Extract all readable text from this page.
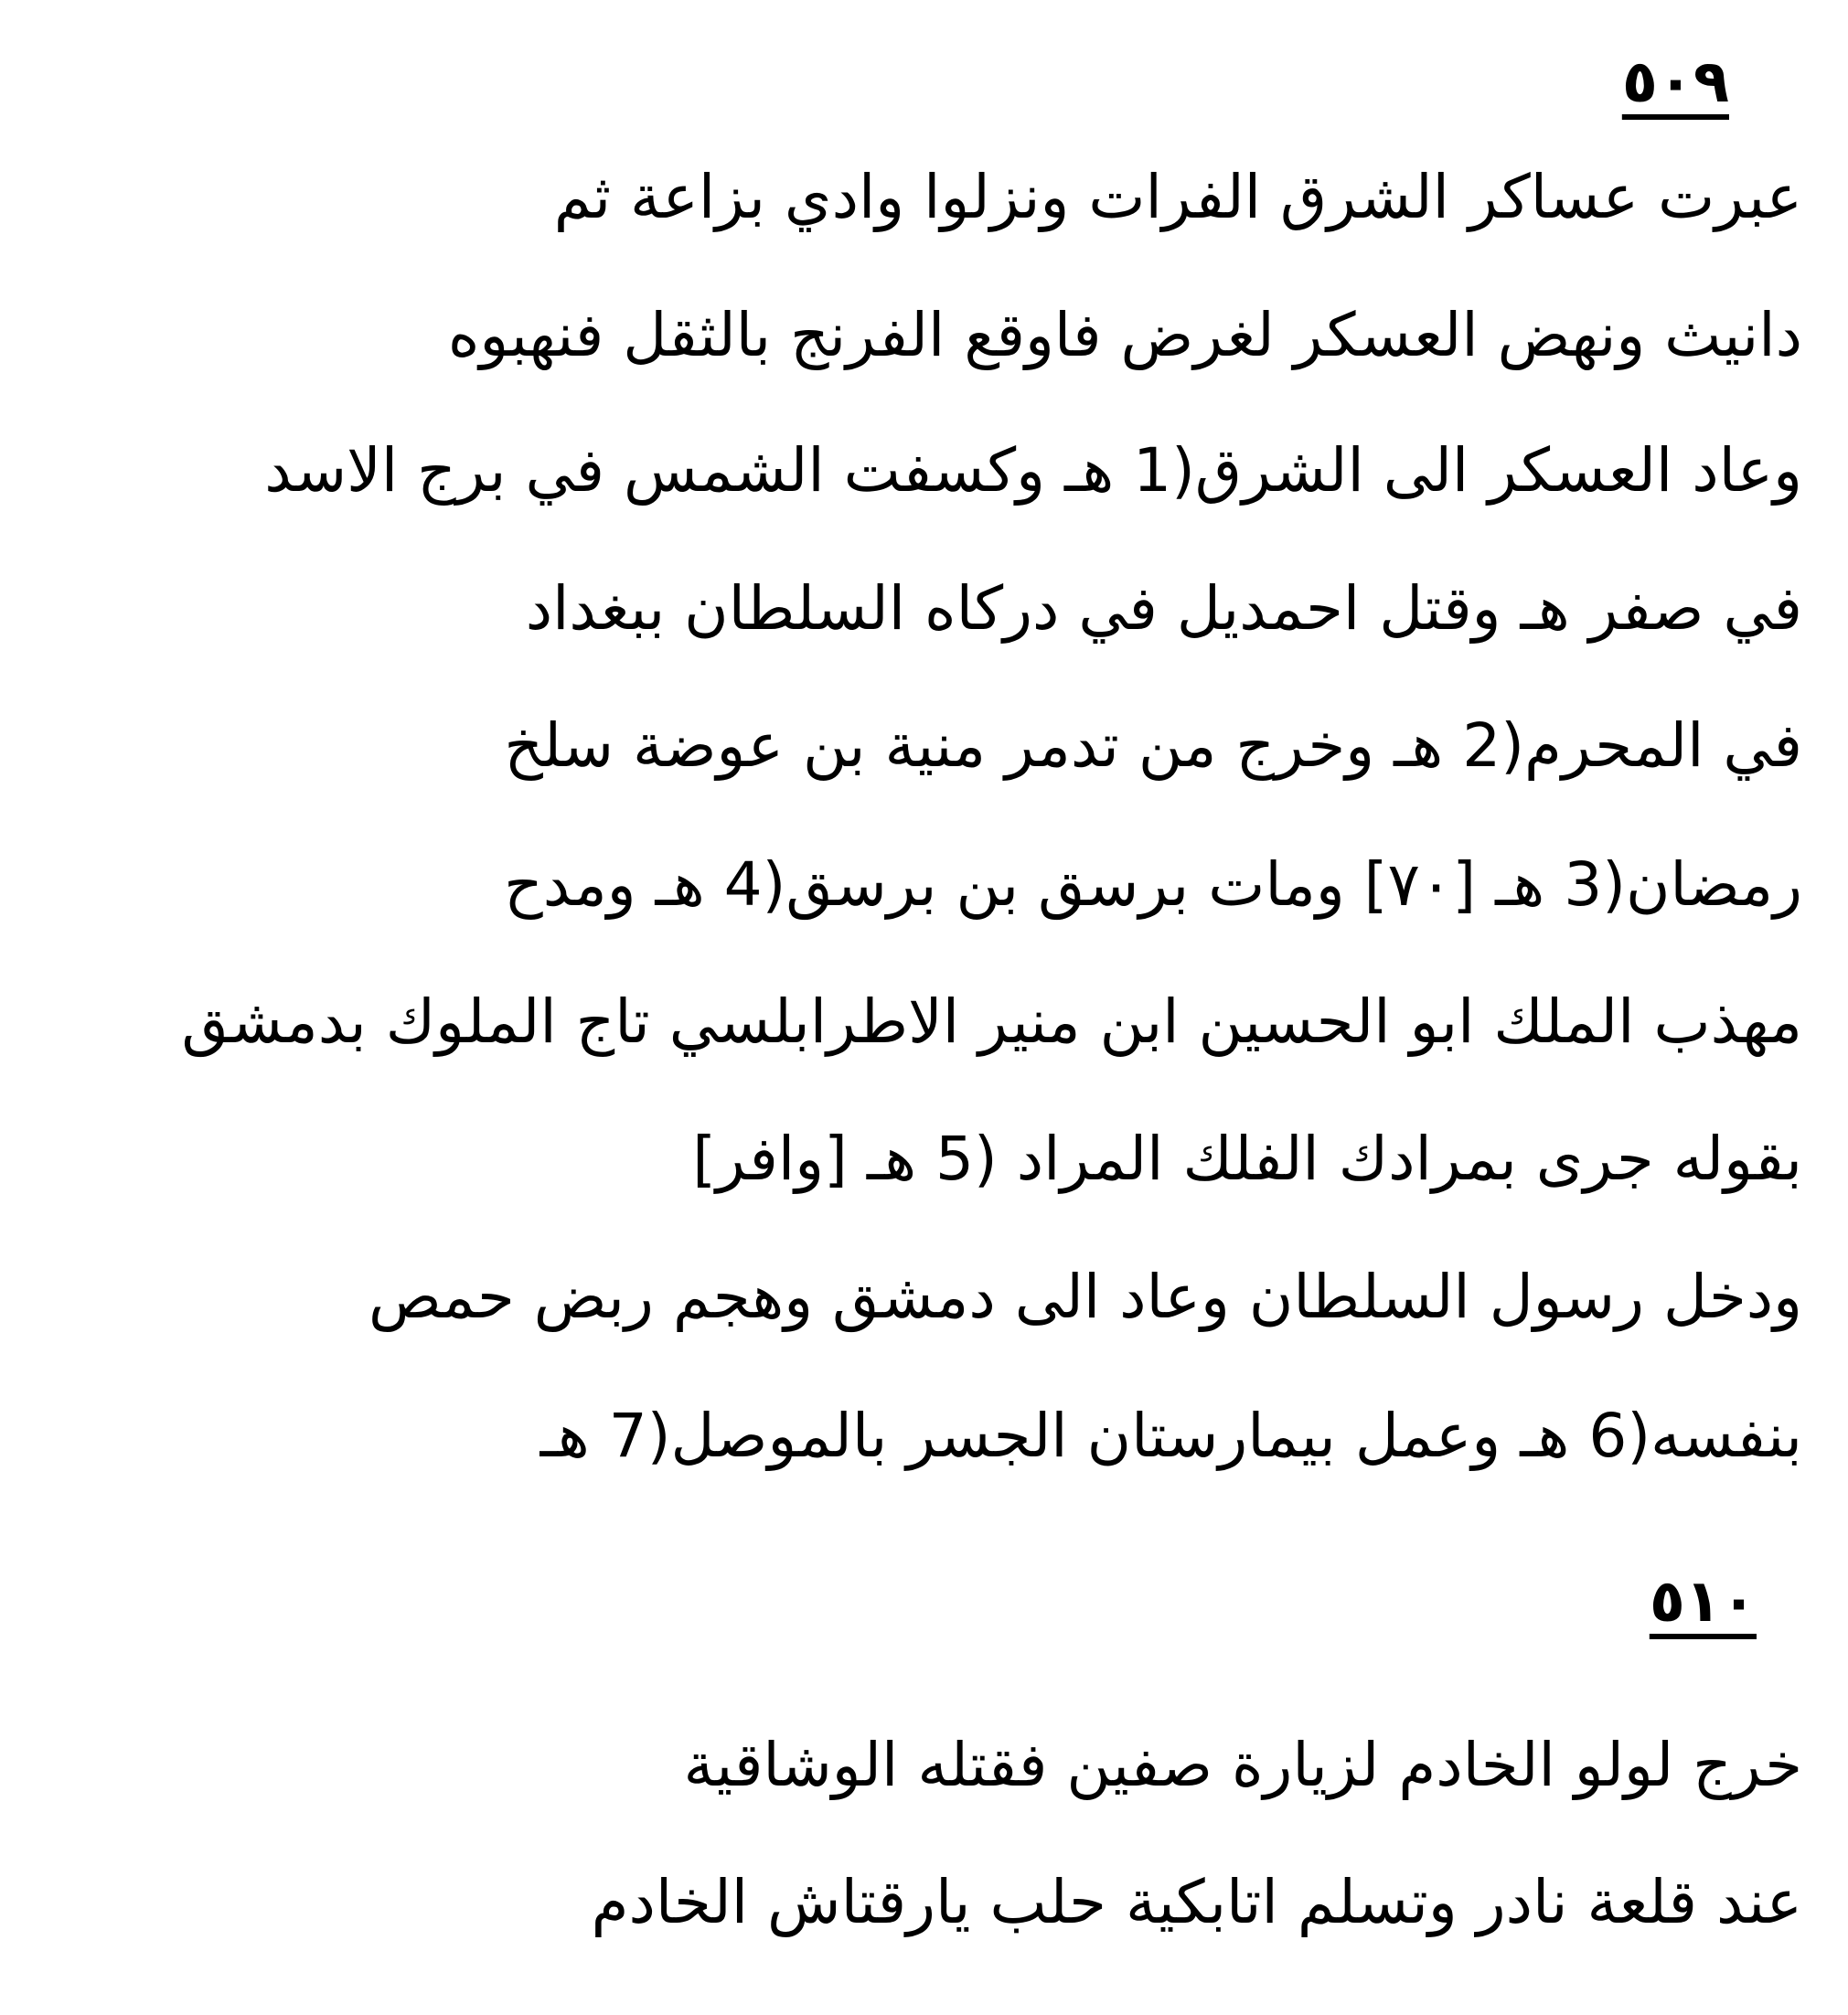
٥٠٩
عبرت عساكر الشرق الفرات ونزلوا وادي بزاعة ثم
دانيث ونهض العسكر لغرض فاوقع الفرنج بالثقل فنهبوه
وعاد العسكر الى الشرق(1 هـ وكسفت الشمس في برج الاسد
في صفر هـ وقتل احمديل في دركاه السلطان ببغداد
في المحرم(2 هـ وخرج من تدمر منية بن عوضة سلخ
رمضان(3 هـ [٧٠] ومات برسق بن برسق(4 هـ ومدح
مهذب الملك ابو الحسين ابن منير الاطرابلسي تاج الملوك بدمشق
بقوله جرى بمرادك الفلك المراد (5 هـ [وافر]
ودخل رسول السلطان وعاد الى دمشق وهجم ربض حمص
بنفسه(6 هـ وعمل بيمارستان الجسر بالموصل(7 هـ
٥١٠
خرج لولو الخادم لزيارة صفين فقتله الوشاقية
عند قلعة نادر وتسلم اتابكية حلب يارقتاش الخادم
